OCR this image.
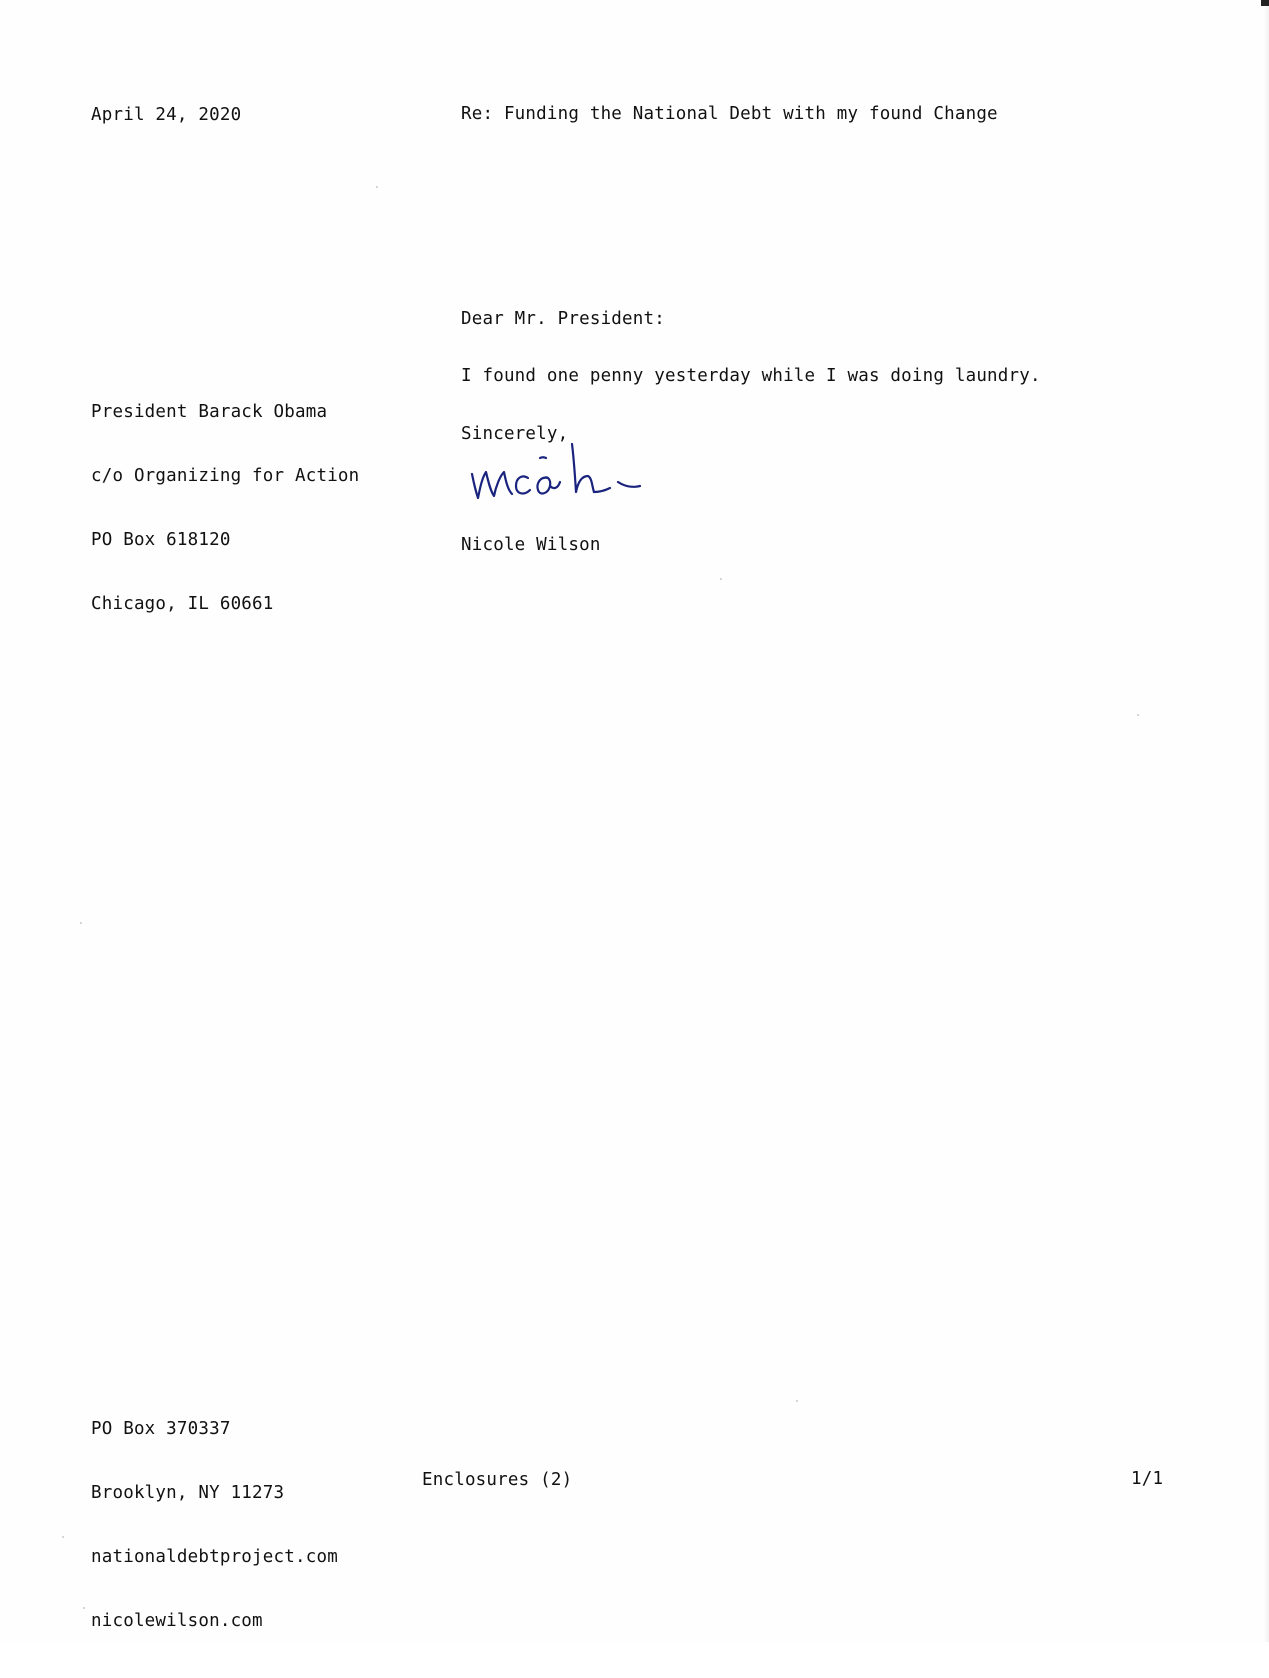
April 24, 2020	Re: Funding the National Debt with my found Change
Dear Mr. President:

President Barack Obama

c/o Organizing for Action

PO Box 618120

Chicago, IL 60661

I found one penny yesterday while I was doing laundry.
Sincerely,
Nicole Wilson

PO Box 370337

Brooklyn, NY 11273

nationaldebtproject.com

nicolewilson.com

Enclosures (2)	1/1
